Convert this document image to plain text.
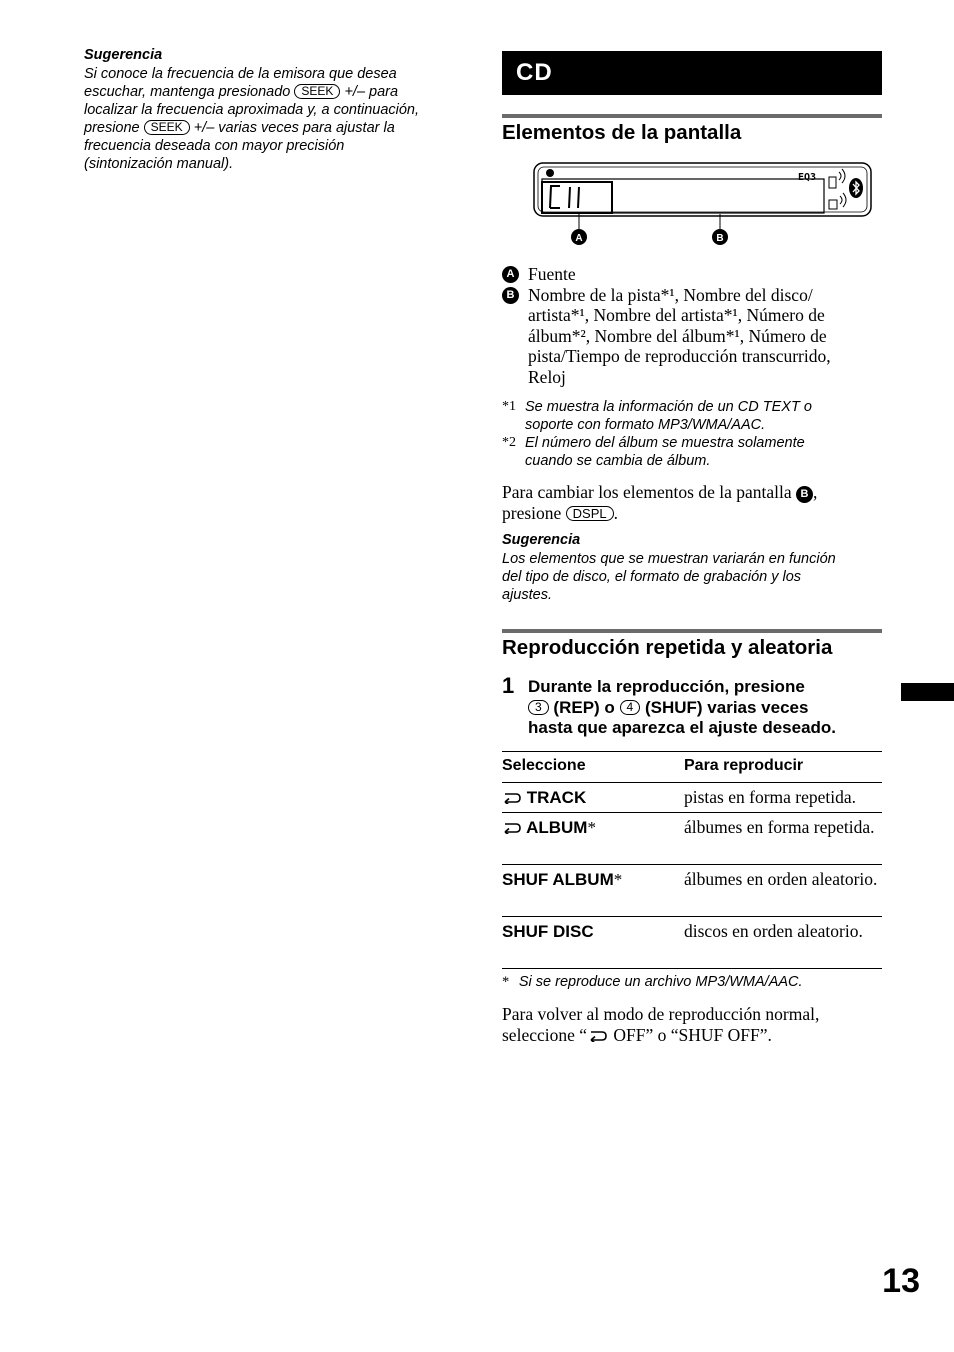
Sugerencia
Si conoce la frecuencia de la emisora que desea
escuchar, mantenga presionado SEEK +/– para
localizar la frecuencia aproximada y, a continuación,
presione SEEK +/– varias veces para ajustar la
frecuencia deseada con mayor precisión
(sintonización manual).
CD
Elementos de la pantalla
EQ3
A	B
A Fuente
B Nombre de la pista*¹, Nombre del disco/
artista*¹, Nombre del artista*¹, Número de
álbum*², Nombre del álbum*¹, Número de
pista/Tiempo de reproducción transcurrido,
Reloj
*1 Se muestra la información de un CD TEXT o
soporte con formato MP3/WMA/AAC.
*2 El número del álbum se muestra solamente
cuando se cambia de álbum.
Para cambiar los elementos de la pantalla B ,
presione DSPL .
Sugerencia
Los elementos que se muestran variarán en función
del tipo de disco, el formato de grabación y los
ajustes.
Reproducción repetida y aleatoria
1 Durante la reproducción, presione
3 (REP) o 4 (SHUF) varias veces
hasta que aparezca el ajuste deseado.
Seleccione	Para reproducir
TRACK	pistas en forma repetida.
ALBUM*	álbumes en forma repetida.
SHUF ALBUM*	álbumes en orden aleatorio.
SHUF DISC	discos en orden aleatorio.
* Si se reproduce un archivo MP3/WMA/AAC.
Para volver al modo de reproducción normal,
seleccione “ OFF” o “SHUF OFF”.
13
